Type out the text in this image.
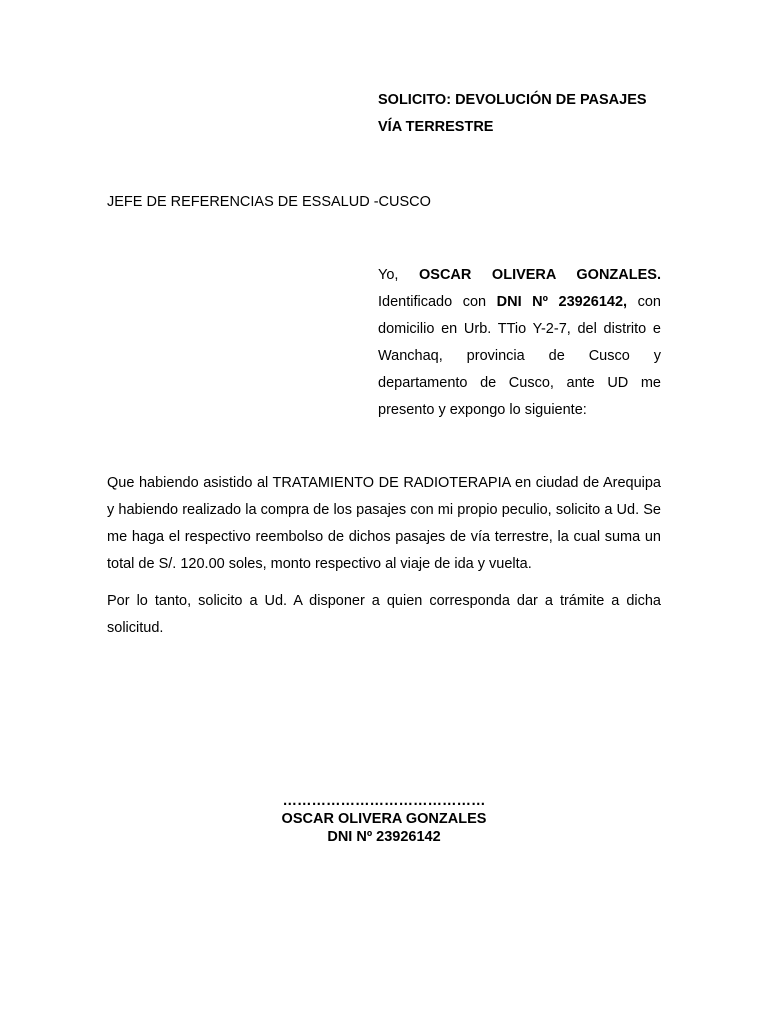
SOLICITO: DEVOLUCIÓN DE PASAJES
VÍA TERRESTRE
JEFE DE REFERENCIAS DE ESSALUD -CUSCO
Yo, OSCAR OLIVERA GONZALES. Identificado con DNI Nº 23926142, con domicilio en Urb. TTio Y-2-7, del distrito e Wanchaq, provincia de Cusco y departamento de Cusco, ante UD me presento y expongo lo siguiente:

Que habiendo asistido al TRATAMIENTO DE RADIOTERAPIA en ciudad de Arequipa y habiendo realizado la compra de los pasajes con mi propio peculio, solicito a Ud. Se me haga el respectivo reembolso de dichos pasajes de vía terrestre, la cual suma un total de S/. 120.00 soles, monto respectivo al viaje de ida y vuelta.

Por lo tanto, solicito a Ud. A disponer a quien corresponda dar a trámite a dicha solicitud.

……………………………………
OSCAR OLIVERA GONZALES
DNI Nº 23926142
